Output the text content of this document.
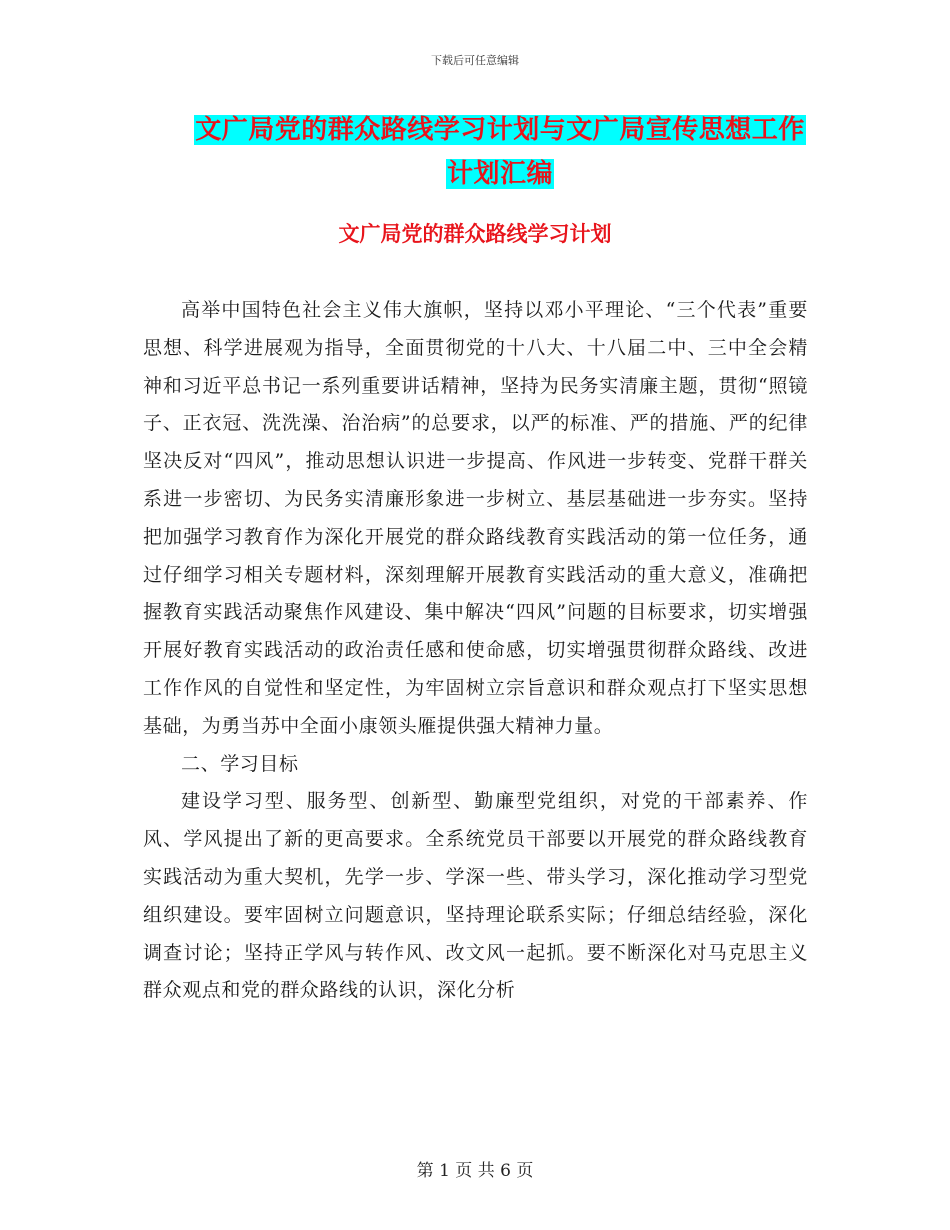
下载后可任意编辑
文广局党的群众路线学习计划与文广局宣传思想工作
计划汇编
文广局党的群众路线学习计划

高举中国特色社会主义伟大旗帜，坚持以邓小平理论、“三个代表”重要思想、科学进展观为指导，全面贯彻党的十八大、十八届二中、三中全会精神和习近平总书记一系列重要讲话精神，坚持为民务实清廉主题，贯彻“照镜子、正衣冠、洗洗澡、治治病”的总要求，以严的标准、严的措施、严的纪律坚决反对“四风”，推动思想认识进一步提高、作风进一步转变、党群干群关系进一步密切、为民务实清廉形象进一步树立、基层基础进一步夯实。坚持把加强学习教育作为深化开展党的群众路线教育实践活动的第一位任务，通过仔细学习相关专题材料，深刻理解开展教育实践活动的重大意义，准确把握教育实践活动聚焦作风建设、集中解决“四风”问题的目标要求，切实增强开展好教育实践活动的政治责任感和使命感，切实增强贯彻群众路线、改进工作作风的自觉性和坚定性，为牢固树立宗旨意识和群众观点打下坚实思想基础，为勇当苏中全面小康领头雁提供强大精神力量。

二、学习目标

建设学习型、服务型、创新型、勤廉型党组织，对党的干部素养、作风、学风提出了新的更高要求。全系统党员干部要以开展党的群众路线教育实践活动为重大契机，先学一步、学深一些、带头学习，深化推动学习型党组织建设。要牢固树立问题意识，坚持理论联系实际；仔细总结经验，深化调查讨论；坚持正学风与转作风、改文风一起抓。要不断深化对马克思主义群众观点和党的群众路线的认识，深化分析

第 1 页 共 6 页
